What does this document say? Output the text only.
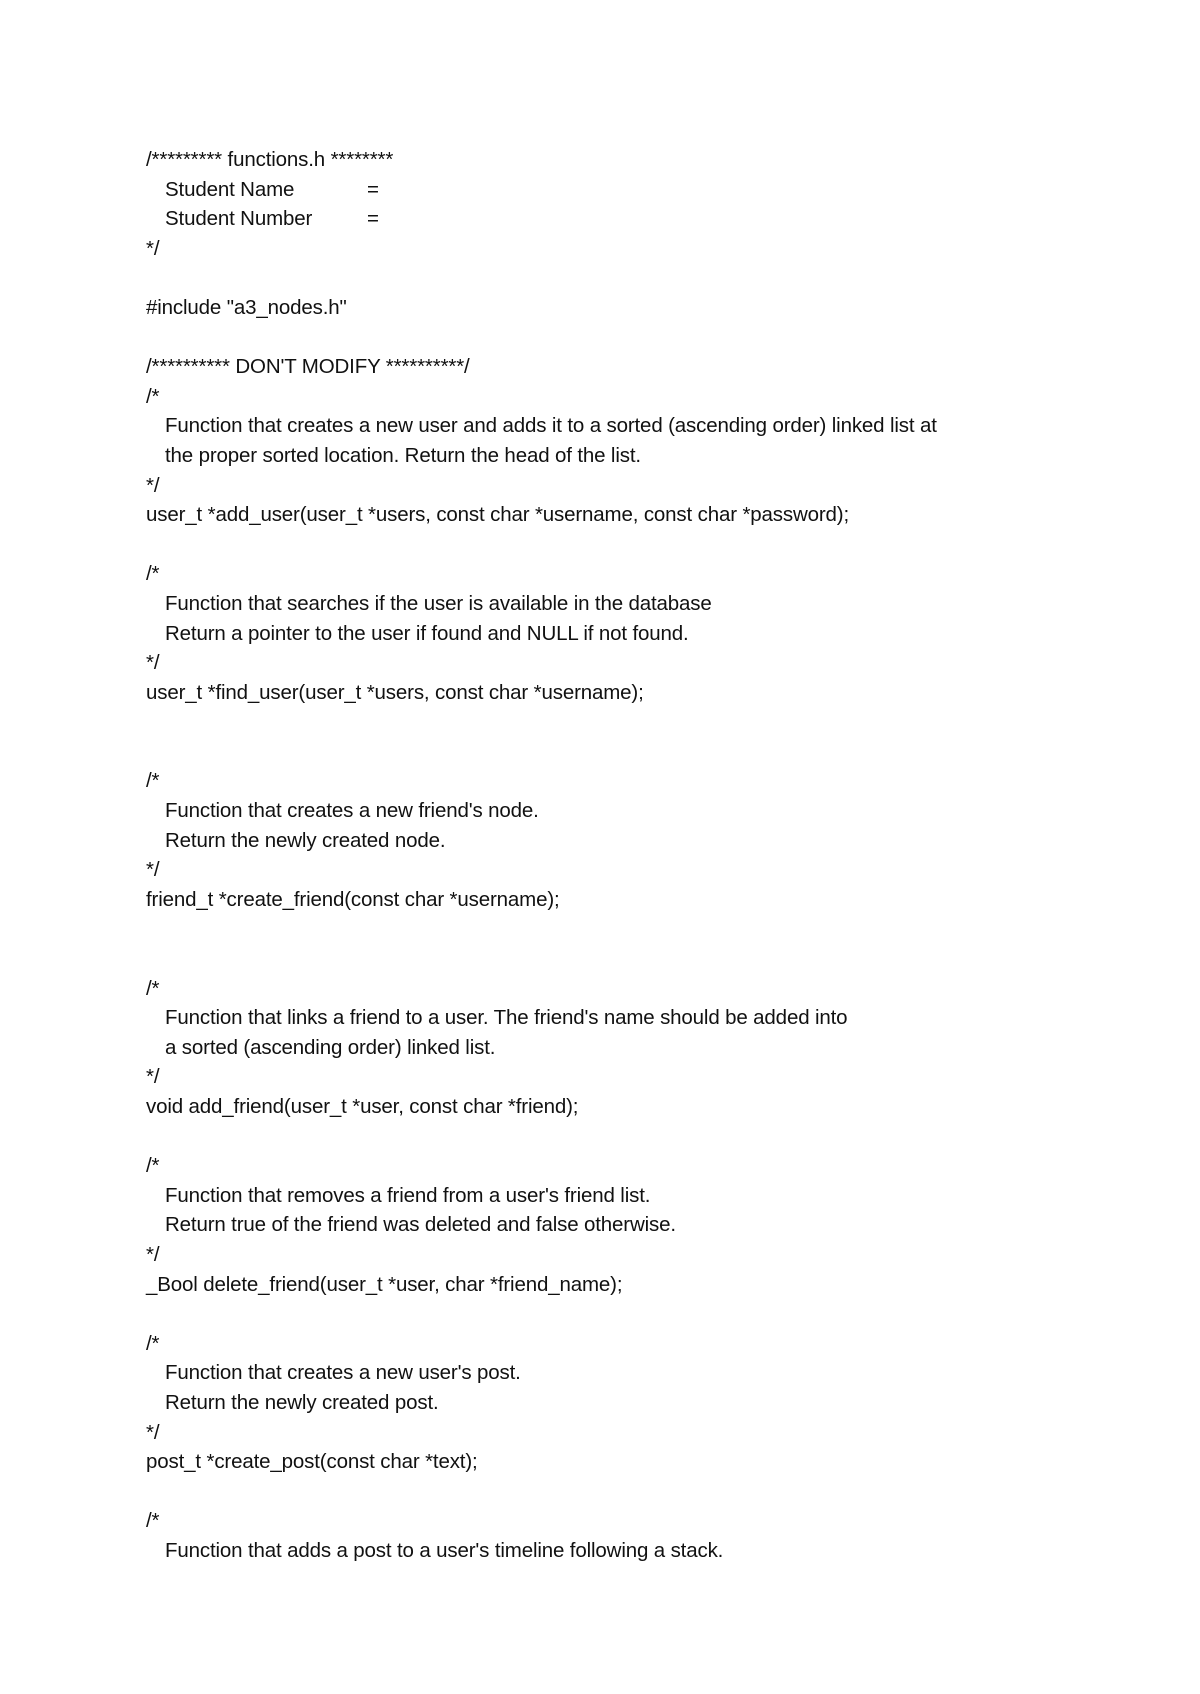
/********* functions.h ********
Student Name	=
Student Number	=
*/
#include "a3_nodes.h"
/********** DON'T MODIFY **********/
/*
Function that creates a new user and adds it to a sorted (ascending order) linked list at
the proper sorted location. Return the head of the list.
*/
user_t *add_user(user_t *users, const char *username, const char *password);
/*
Function that searches if the user is available in the database
Return a pointer to the user if found and NULL if not found.
*/
user_t *find_user(user_t *users, const char *username);
/*
Function that creates a new friend's node.
Return the newly created node.
*/
friend_t *create_friend(const char *username);
/*
Function that links a friend to a user. The friend's name should be added into
a sorted (ascending order) linked list.
*/
void add_friend(user_t *user, const char *friend);
/*
Function that removes a friend from a user's friend list.
Return true of the friend was deleted and false otherwise.
*/
_Bool delete_friend(user_t *user, char *friend_name);
/*
Function that creates a new user's post.
Return the newly created post.
*/
post_t *create_post(const char *text);
/*
Function that adds a post to a user's timeline following a stack.
